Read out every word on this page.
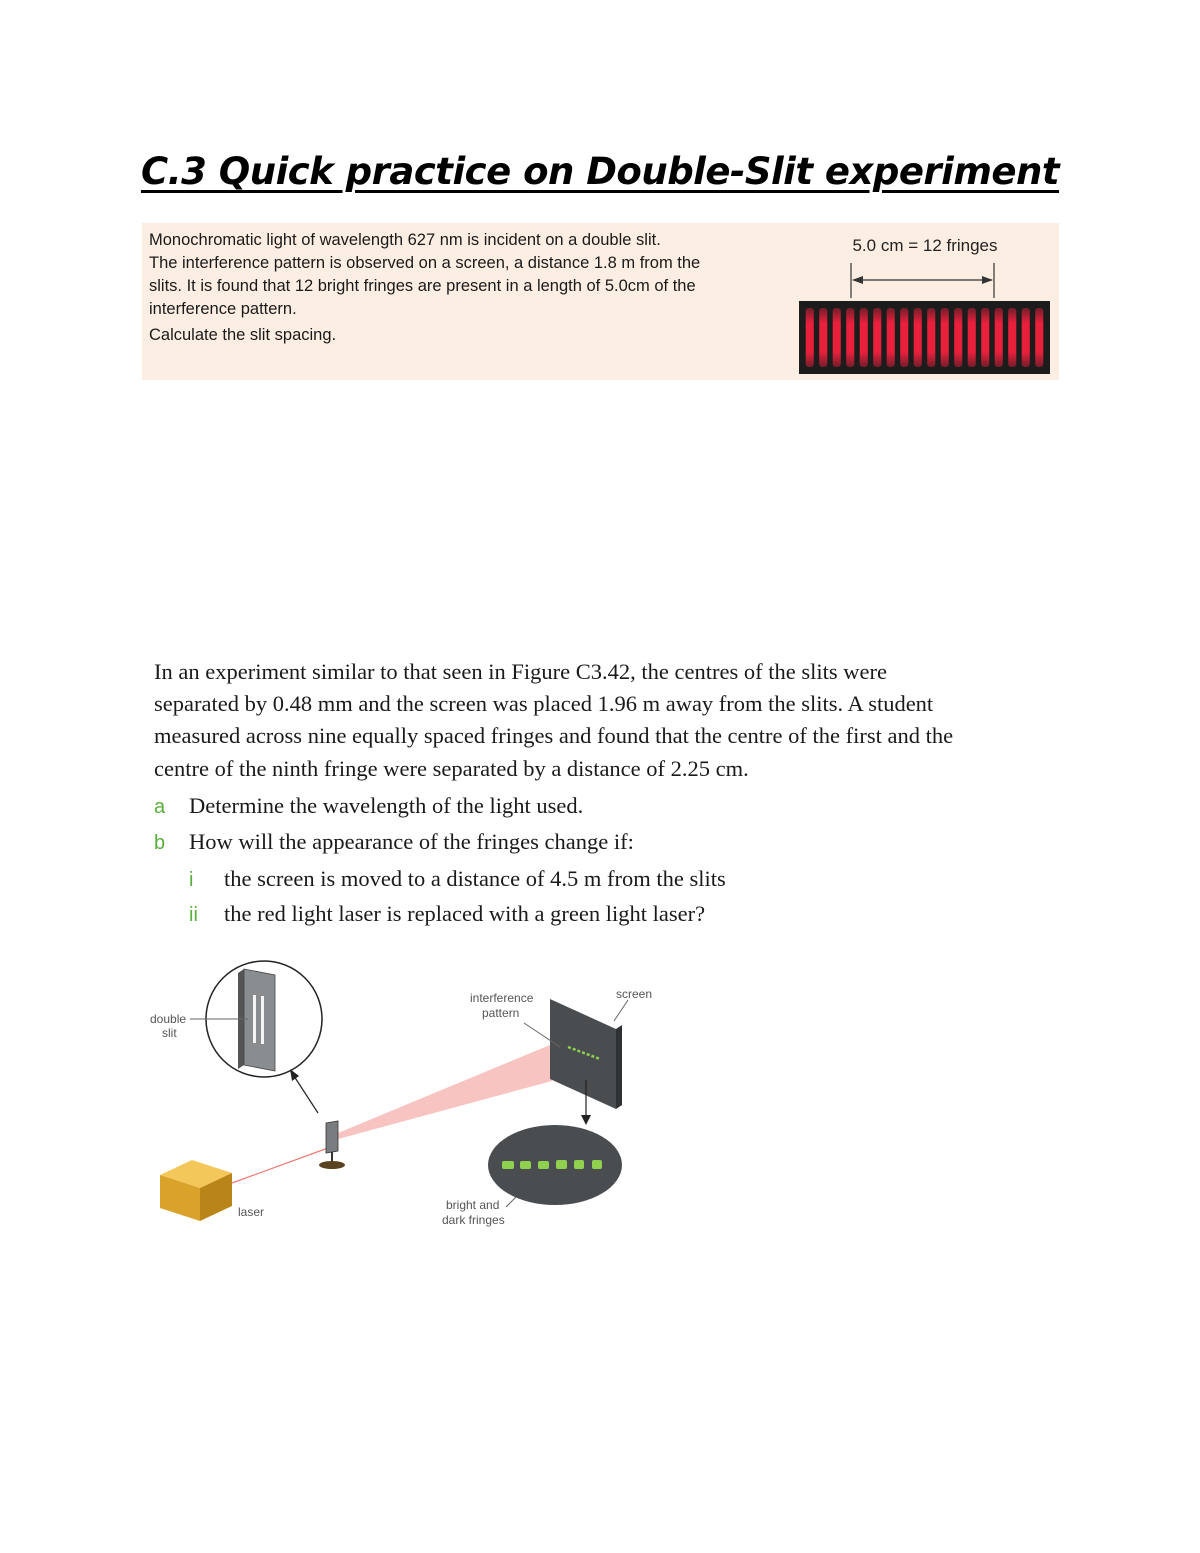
C.3 Quick practice on Double-Slit experiment

Monochromatic light of wavelength 627 nm is incident on a double slit.

The interference pattern is observed on a screen, a distance 1.8 m from the

slits. It is found that 12 bright fringes are present in a length of 5.0cm of the

interference pattern.

Calculate the slit spacing.

5.0 cm = 12 fringes

In an experiment similar to that seen in Figure C3.42, the centres of the slits were

separated by 0.48 mm and the screen was placed 1.96 m away from the slits. A student

measured across nine equally spaced fringes and found that the centre of the first and the

centre of the ninth fringe were separated by a distance of 2.25 cm.

a	Determine the wavelength of the light used.
b	How will the appearance of the fringes change if:
i	the screen is moved to a distance of 4.5 m from the slits
ii	the red light laser is replaced with a green light laser?
double
slit
laser
screen
interference
pattern
bright and
dark fringes
